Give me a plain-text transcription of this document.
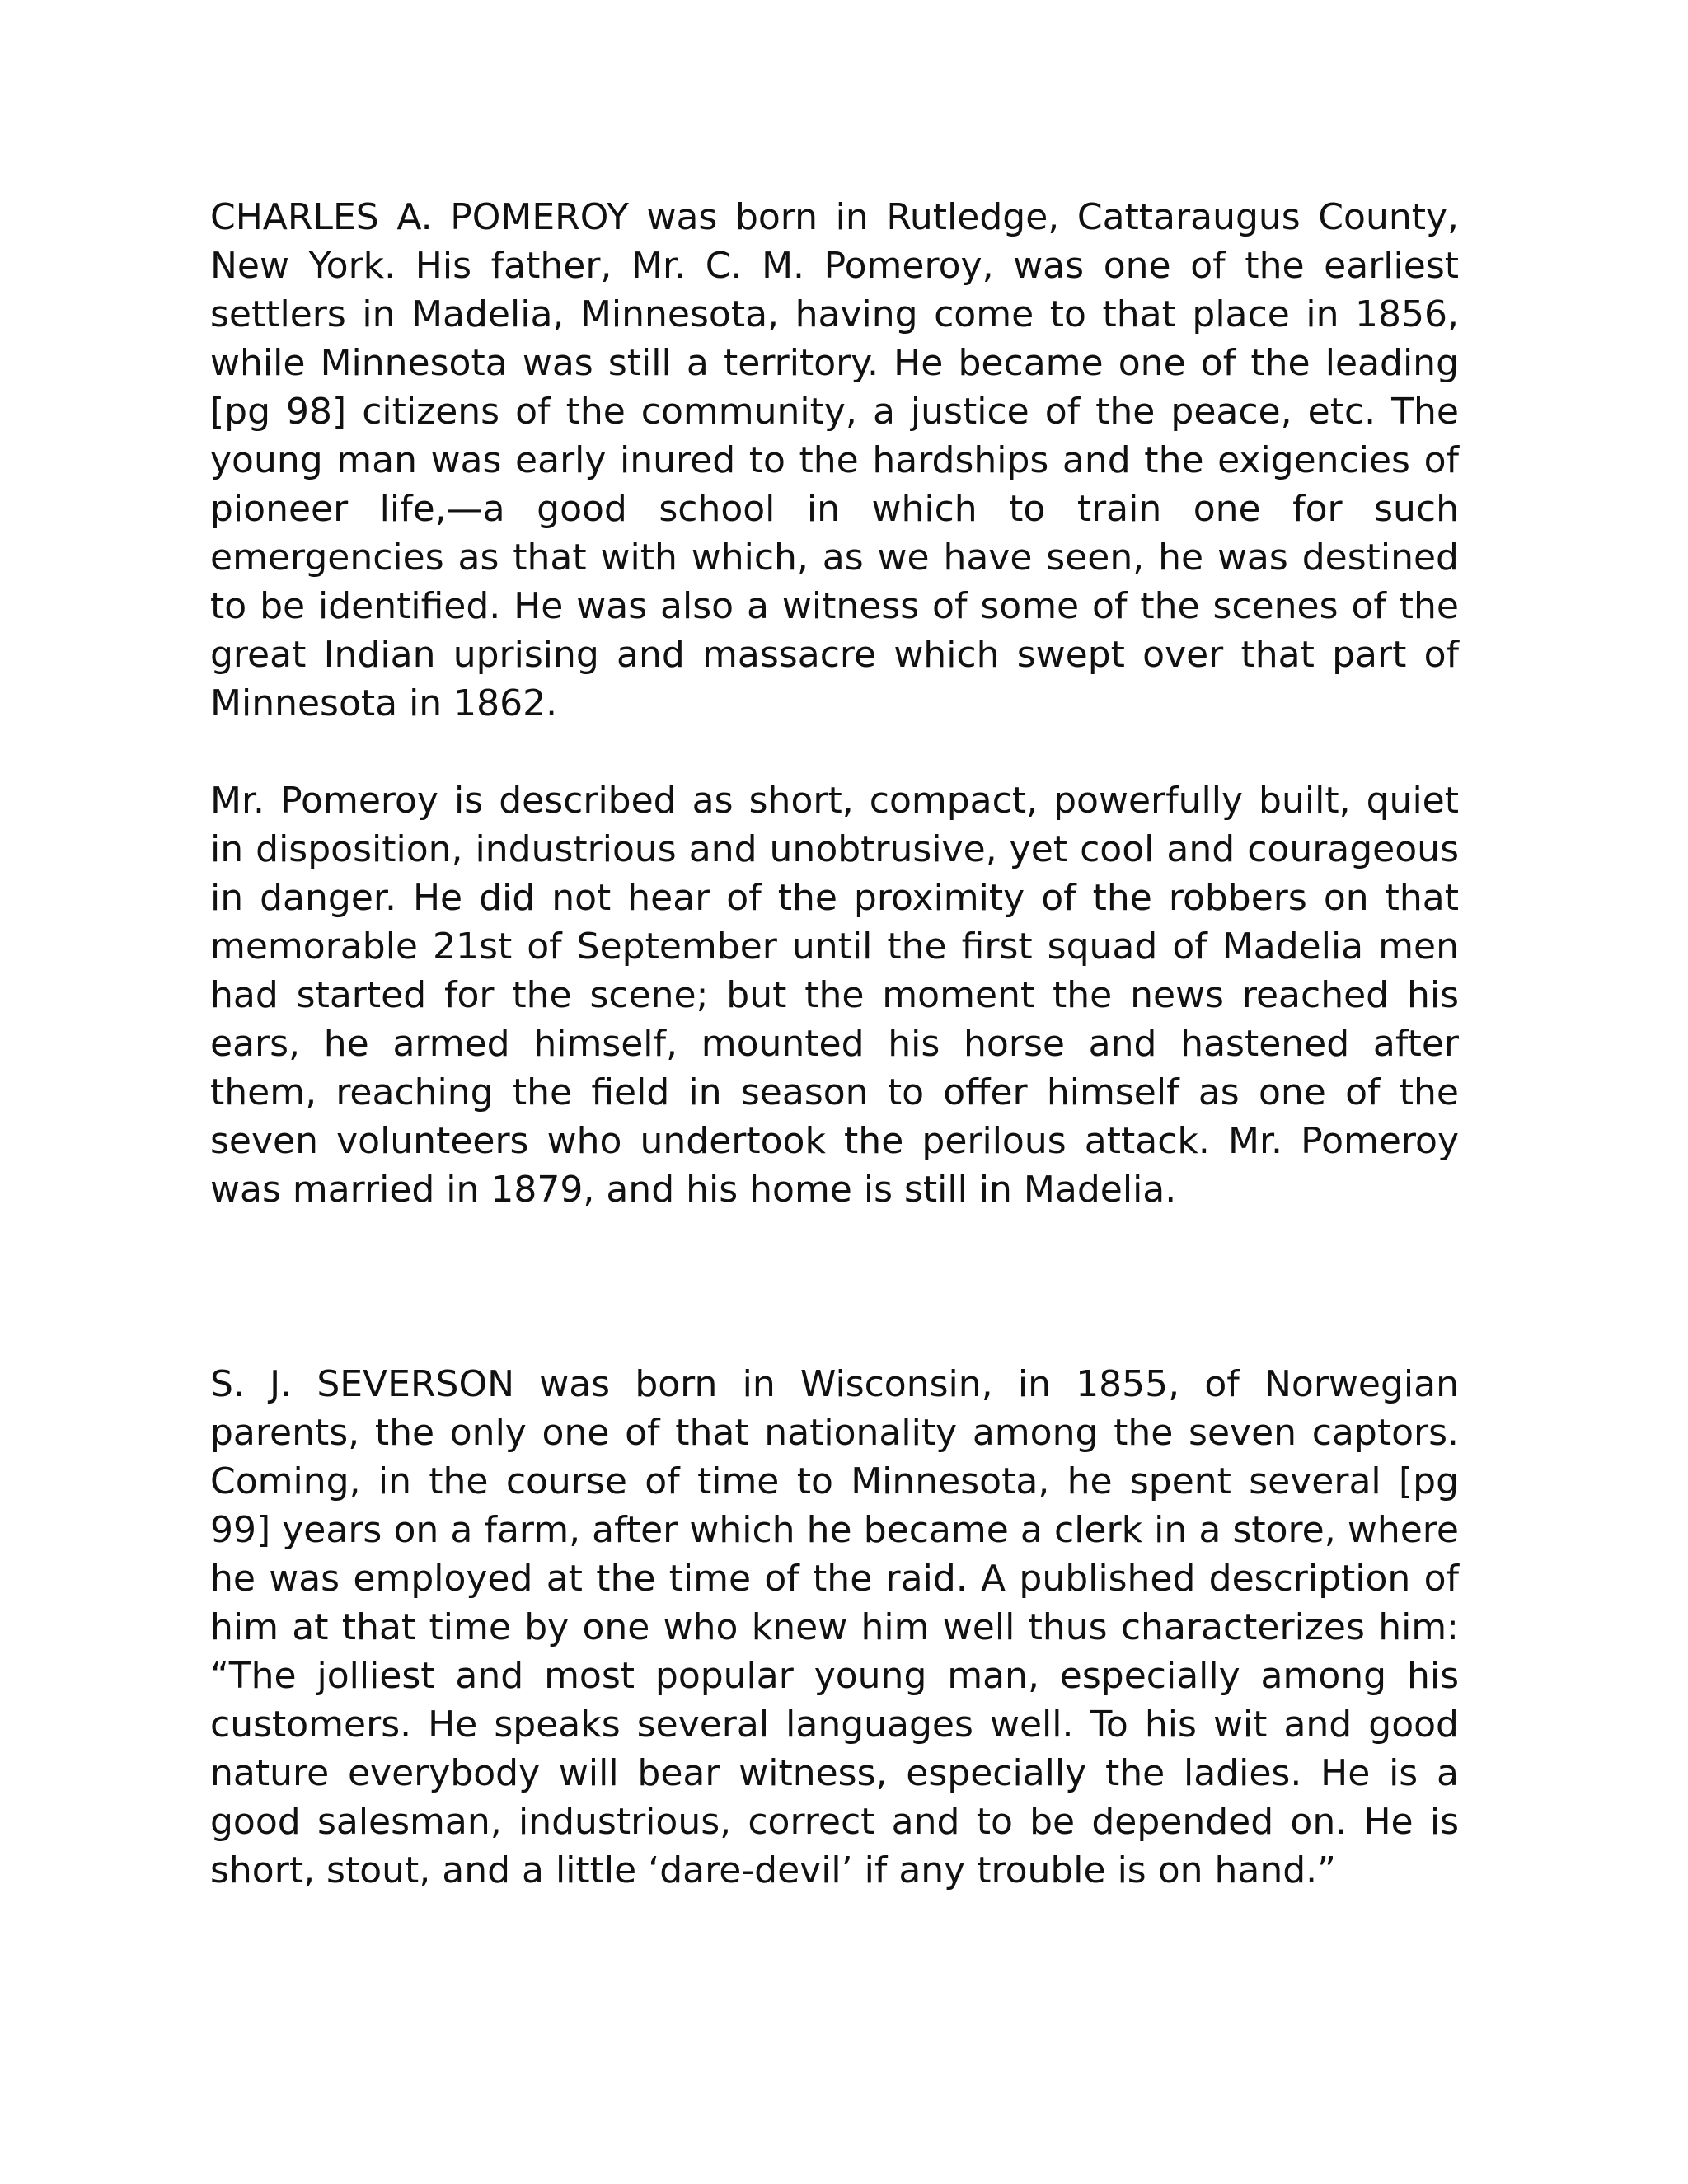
CHARLES A. POMEROY was born in Rutledge, Cattaraugus County, New York. His father, Mr. C. M. Pomeroy, was one of the earliest settlers in Madelia, Minnesota, having come to that place in 1856, while Minnesota was still a territory. He became one of the leading [pg 98] citizens of the community, a justice of the peace, etc. The young man was early inured to the hardships and the exigencies of pioneer life,—a good school in which to train one for such emergencies as that with which, as we have seen, he was destined to be identified. He was also a witness of some of the scenes of the great Indian uprising and massacre which swept over that part of Minnesota in 1862.

Mr. Pomeroy is described as short, compact, powerfully built, quiet in disposition, industrious and unobtrusive, yet cool and courageous in danger. He did not hear of the proximity of the robbers on that memorable 21st of September until the first squad of Madelia men had started for the scene; but the moment the news reached his ears, he armed himself, mounted his horse and hastened after them, reaching the field in season to offer himself as one of the seven volunteers who undertook the perilous attack. Mr. Pomeroy was married in 1879, and his home is still in Madelia.

S. J. SEVERSON was born in Wisconsin, in 1855, of Norwegian parents, the only one of that nationality among the seven captors. Coming, in the course of time to Minnesota, he spent several [pg 99] years on a farm, after which he became a clerk in a store, where he was employed at the time of the raid. A published description of him at that time by one who knew him well thus characterizes him: “The jolliest and most popular young man, especially among his customers. He speaks several languages well. To his wit and good nature everybody will bear witness, especially the ladies. He is a good salesman, industrious, correct and to be depended on. He is short, stout, and a little ‘dare-devil’ if any trouble is on hand.”
